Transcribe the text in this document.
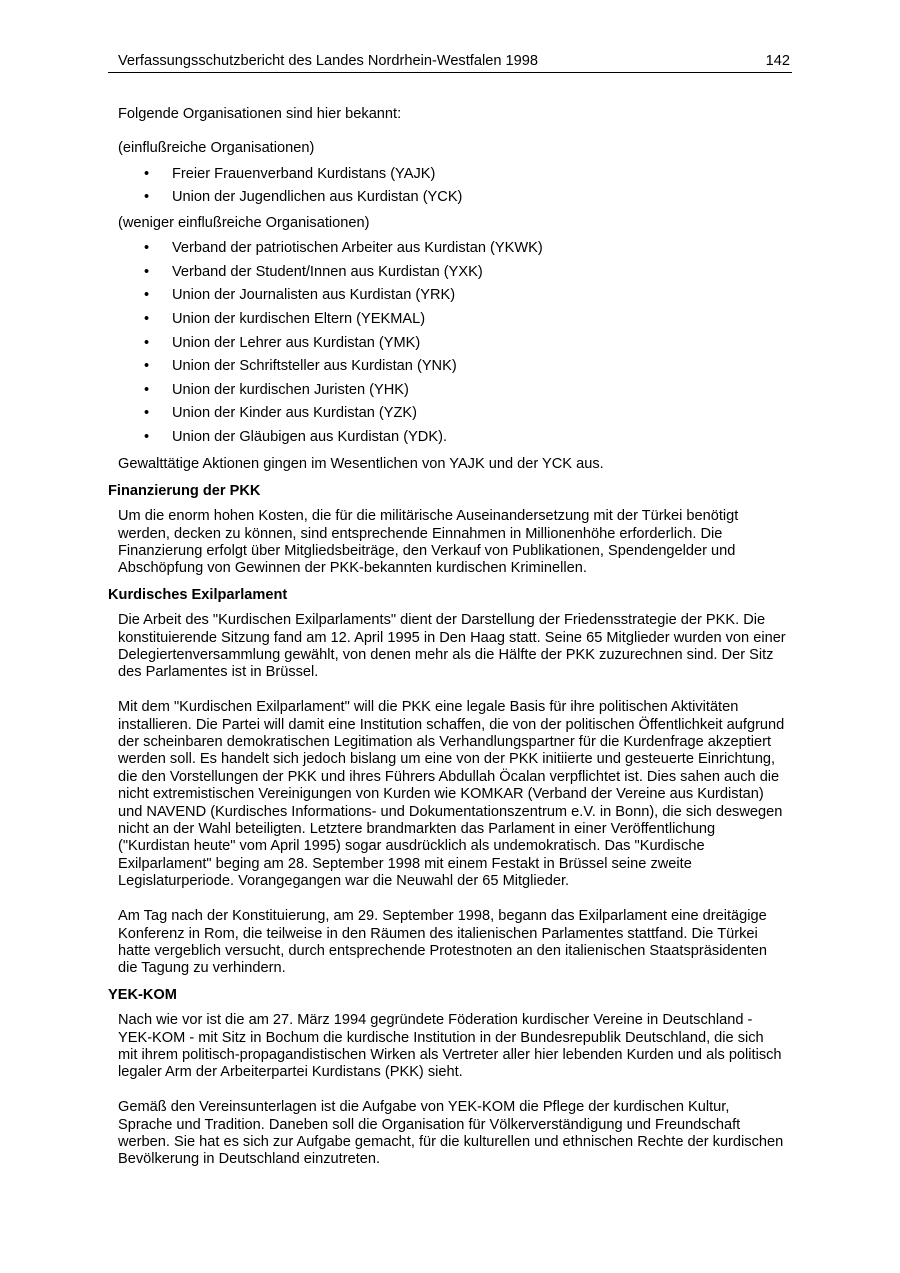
Verfassungsschutzbericht des Landes Nordrhein-Westfalen 1998	142

Folgende Organisationen sind hier bekannt:

(einflußreiche Organisationen)

• Freier Frauenverband Kurdistans (YAJK)
• Union der Jugendlichen aus Kurdistan (YCK)

(weniger einflußreiche Organisationen)

• Verband der patriotischen Arbeiter aus Kurdistan (YKWK)
• Verband der Student/Innen aus Kurdistan (YXK)
• Union der Journalisten aus Kurdistan (YRK)
• Union der kurdischen Eltern (YEKMAL)
• Union der Lehrer aus Kurdistan (YMK)
• Union der Schriftsteller aus Kurdistan (YNK)
• Union der kurdischen Juristen (YHK)
• Union der Kinder aus Kurdistan (YZK)
• Union der Gläubigen aus Kurdistan (YDK).

Gewalttätige Aktionen gingen im Wesentlichen von YAJK und der YCK aus.

Finanzierung der PKK

Um die enorm hohen Kosten, die für die militärische Auseinandersetzung mit der Türkei benötigt werden, decken zu können, sind entsprechende Einnahmen in Millionenhöhe erforderlich. Die Finanzierung erfolgt über Mitgliedsbeiträge, den Verkauf von Publikationen, Spendengelder und Abschöpfung von Gewinnen der PKK-bekannten kurdischen Kriminellen.

Kurdisches Exilparlament

Die Arbeit des "Kurdischen Exilparlaments" dient der Darstellung der Friedensstrategie der PKK. Die konstituierende Sitzung fand am 12. April 1995 in Den Haag statt. Seine 65 Mitglieder wurden von einer Delegiertenversammlung gewählt, von denen mehr als die Hälfte der PKK zuzurechnen sind. Der Sitz des Parlamentes ist in Brüssel.

Mit dem "Kurdischen Exilparlament" will die PKK eine legale Basis für ihre politischen Aktivitäten installieren. Die Partei will damit eine Institution schaffen, die von der politischen Öffentlichkeit aufgrund der scheinbaren demokratischen Legitimation als Verhandlungspartner für die Kurdenfrage akzeptiert werden soll. Es handelt sich jedoch bislang um eine von der PKK initiierte und gesteuerte Einrichtung, die den Vorstellungen der PKK und ihres Führers Abdullah Öcalan verpflichtet ist. Dies sahen auch die nicht extremistischen Vereinigungen von Kurden wie KOMKAR (Verband der Vereine aus Kurdistan) und NAVEND (Kurdisches Informations- und Dokumentationszentrum e.V. in Bonn), die sich deswegen nicht an der Wahl beteiligten. Letztere brandmarkten das Parlament in einer Veröffentlichung ("Kurdistan heute" vom April 1995) sogar ausdrücklich als undemokratisch. Das "Kurdische Exilparlament" beging am 28. September 1998 mit einem Festakt in Brüssel seine zweite Legislaturperiode. Vorangegangen war die Neuwahl der 65 Mitglieder.

Am Tag nach der Konstituierung, am 29. September 1998, begann das Exilparlament eine dreitägige Konferenz in Rom, die teilweise in den Räumen des italienischen Parlamentes stattfand. Die Türkei hatte vergeblich versucht, durch entsprechende Protestnoten an den italienischen Staatspräsidenten die Tagung zu verhindern.

YEK-KOM

Nach wie vor ist die am 27. März 1994 gegründete Föderation kurdischer Vereine in Deutschland - YEK-KOM - mit Sitz in Bochum die kurdische Institution in der Bundesrepublik Deutschland, die sich mit ihrem politisch-propagandistischen Wirken als Vertreter aller hier lebenden Kurden und als politisch legaler Arm der Arbeiterpartei Kurdistans (PKK) sieht.

Gemäß den Vereinsunterlagen ist die Aufgabe von YEK-KOM die Pflege der kurdischen Kultur, Sprache und Tradition. Daneben soll die Organisation für Völkerverständigung und Freundschaft werben. Sie hat es sich zur Aufgabe gemacht, für die kulturellen und ethnischen Rechte der kurdischen Bevölkerung in Deutschland einzutreten.
